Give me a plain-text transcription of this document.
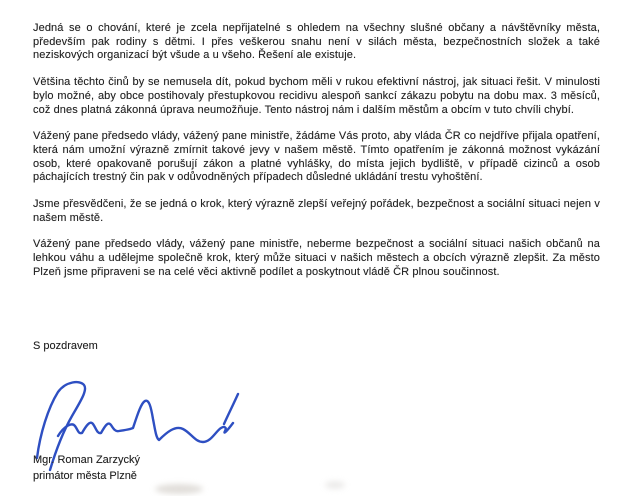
Jedná se o chování, které je zcela nepřijatelné s ohledem na všechny slušné občany a návštěvníky města, především pak rodiny s dětmi. I přes veškerou snahu není v silách města, bezpečnostních složek a také neziskových organizací být všude a u všeho. Řešení ale existuje.

Většina těchto činů by se nemusela dít, pokud bychom měli v rukou efektivní nástroj, jak situaci řešit. V minulosti bylo možné, aby obce postihovaly přestupkovou recidivu alespoň sankcí zákazu pobytu na dobu max. 3 měsíců, což dnes platná zákonná úprava neumožňuje. Tento nástroj nám i dalším městům a obcím v tuto chvíli chybí.

Vážený pane předsedo vlády, vážený pane ministře, žádáme Vás proto, aby vláda ČR co nejdříve přijala opatření, která nám umožní výrazně zmírnit takové jevy v našem městě. Tímto opatřením je zákonná možnost vykázání osob, které opakovaně porušují zákon a platné vyhlášky, do místa jejich bydliště, v případě cizinců a osob páchajících trestný čin pak v odůvodněných případech důsledné ukládání trestu vyhoštění.

Jsme přesvědčeni, že se jedná o krok, který výrazně zlepší veřejný pořádek, bezpečnost a sociální situaci nejen v našem městě.

Vážený pane předsedo vlády, vážený pane ministře, neberme bezpečnost a sociální situaci našich občanů na lehkou váhu a udělejme společně krok, který může situaci v našich městech a obcích výrazně zlepšit. Za město Plzeň jsme připraveni se na celé věci aktivně podílet a poskytnout vládě ČR plnou součinnost.

S pozdravem
Mgr. Roman Zarzycký
primátor města Plzně
